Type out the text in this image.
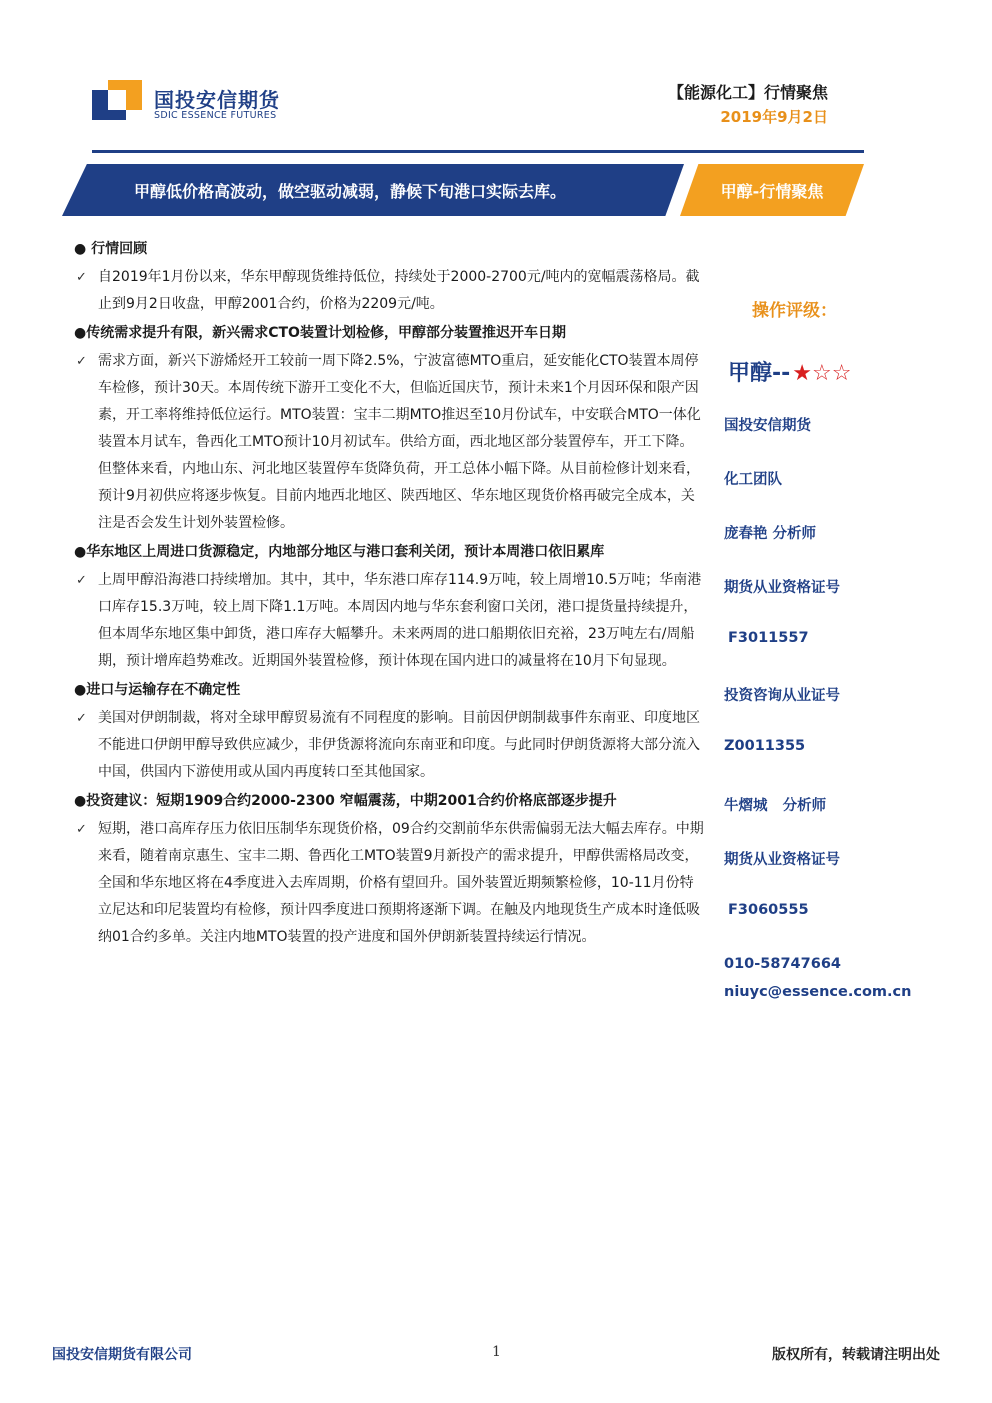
国投安信期货
SDIC ESSENCE FUTURES
【能源化工】行情聚焦
2019年9月2日
甲醇低价格高波动，做空驱动减弱，静候下旬港口实际去库。	甲醇-行情聚焦
● 行情回顾
✓ 自2019年1月份以来，华东甲醇现货维持低位，持续处于2000-2700元/吨内的宽幅震荡格局。截止到9月2日收盘，甲醇2001合约，价格为2209元/吨。
●传统需求提升有限，新兴需求CTO装置计划检修，甲醇部分装置推迟开车日期
✓ 需求方面，新兴下游烯烃开工较前一周下降2.5%，宁波富德MTO重启，延安能化CTO装置本周停车检修，预计30天。本周传统下游开工变化不大，但临近国庆节，预计未来1个月因环保和限产因素，开工率将维持低位运行。MTO装置：宝丰二期MTO推迟至10月份试车，中安联合MTO一体化装置本月试车，鲁西化工MTO预计10月初试车。供给方面，西北地区部分装置停车，开工下降。但整体来看，内地山东、河北地区装置停车货降负荷，开工总体小幅下降。从目前检修计划来看，预计9月初供应将逐步恢复。目前内地西北地区、陕西地区、华东地区现货价格再破完全成本，关注是否会发生计划外装置检修。
●华东地区上周进口货源稳定，内地部分地区与港口套利关闭，预计本周港口依旧累库
✓ 上周甲醇沿海港口持续增加。其中，其中，华东港口库存114.9万吨，较上周增10.5万吨；华南港口库存15.3万吨，较上周下降1.1万吨。本周因内地与华东套利窗口关闭，港口提货量持续提升，但本周华东地区集中卸货，港口库存大幅攀升。未来两周的进口船期依旧充裕，23万吨左右/周船期，预计增库趋势难改。近期国外装置检修，预计体现在国内进口的减量将在10月下旬显现。
●进口与运输存在不确定性
✓ 美国对伊朗制裁，将对全球甲醇贸易流有不同程度的影响。目前因伊朗制裁事件东南亚、印度地区不能进口伊朗甲醇导致供应减少，非伊货源将流向东南亚和印度。与此同时伊朗货源将大部分流入中国，供国内下游使用或从国内再度转口至其他国家。
●投资建议：短期1909合约2000-2300 窄幅震荡，中期2001合约价格底部逐步提升
✓ 短期，港口高库存压力依旧压制华东现货价格，09合约交割前华东供需偏弱无法大幅去库存。中期来看，随着南京惠生、宝丰二期、鲁西化工MTO装置9月新投产的需求提升，甲醇供需格局改变，全国和华东地区将在4季度进入去库周期，价格有望回升。国外装置近期频繁检修，10-11月份特立尼达和印尼装置均有检修，预计四季度进口预期将逐渐下调。在触及内地现货生产成本时逢低吸纳01合约多单。关注内地MTO装置的投产进度和国外伊朗新装置持续运行情况。
操作评级：
甲醇--★☆☆
国投安信期货
化工团队
庞春艳 分析师
期货从业资格证号
F3011557
投资咨询从业证号
Z0011355
牛熠城   分析师
期货从业资格证号
F3060555
010-58747664
niuyc@essence.com.cn
国投安信期货有限公司	1	版权所有，转载请注明出处
